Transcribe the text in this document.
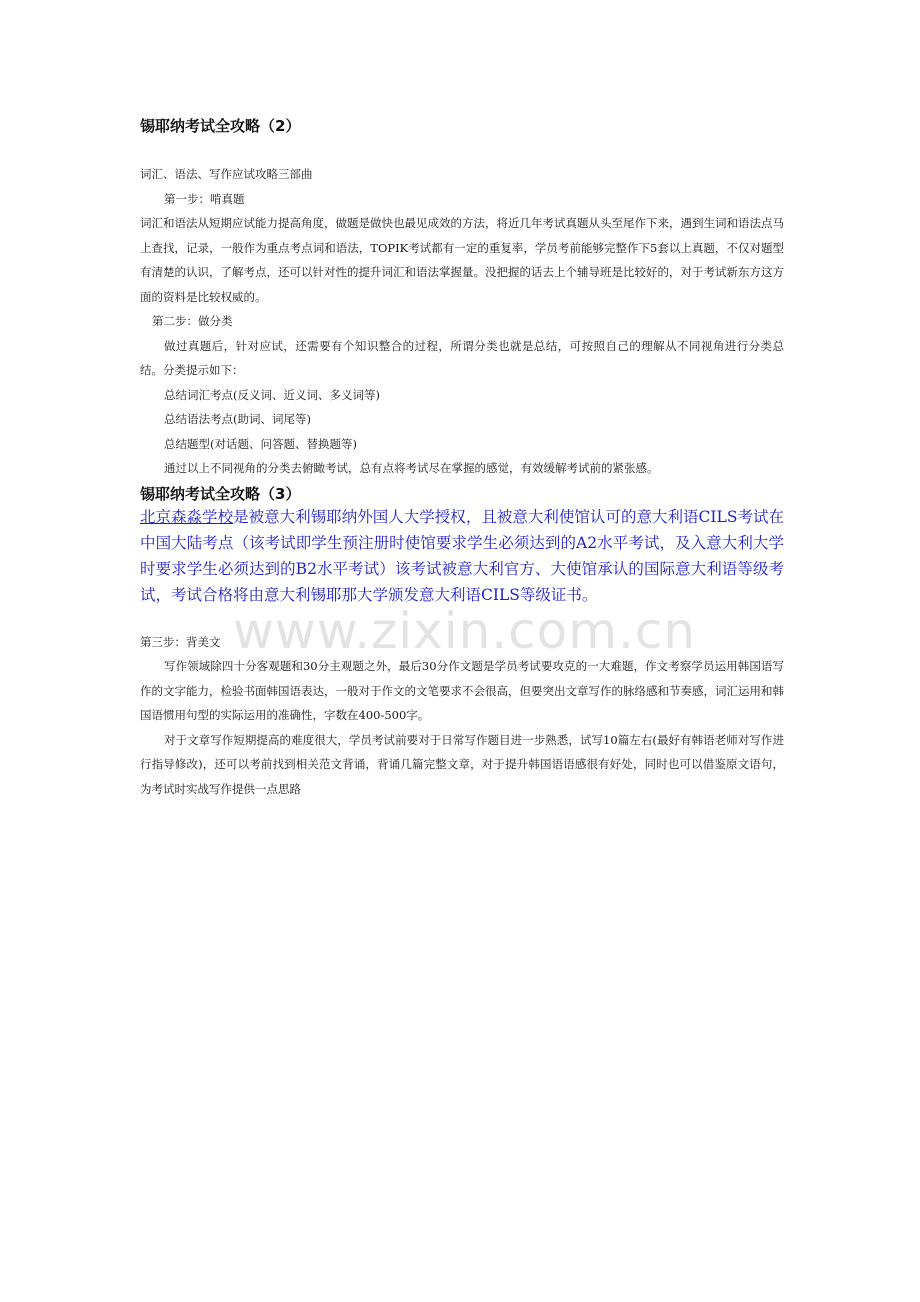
锡耶纳考试全攻略（2）

词汇、语法、写作应试攻略三部曲

第一步：啃真题

词汇和语法从短期应试能力提高角度，做题是做快也最见成效的方法，将近几年考试真题从头至尾作下来，遇到生词和语法点马上查找，记录，一般作为重点考点词和语法，TOPIK考试都有一定的重复率，学员考前能够完整作下5套以上真题，不仅对题型有清楚的认识，了解考点，还可以针对性的提升词汇和语法掌握量。没把握的话去上个辅导班是比较好的，对于考试新东方这方面的资料是比较权威的。

第二步：做分类

做过真题后，针对应试，还需要有个知识整合的过程，所谓分类也就是总结，可按照自己的理解从不同视角进行分类总结。分类提示如下：

总结词汇考点(反义词、近义词、多义词等)

总结语法考点(助词、词尾等)

总结题型(对话题、问答题、替换题等)

通过以上不同视角的分类去俯瞰考试，总有点将考试尽在掌握的感觉，有效缓解考试前的紧张感。

锡耶纳考试全攻略（3）

北京森淼学校是被意大利锡耶纳外国人大学授权，且被意大利使馆认可的意大利语CILS考试在中国大陆考点（该考试即学生预注册时使馆要求学生必须达到的A2水平考试，及入意大利大学时要求学生必须达到的B2水平考试）该考试被意大利官方、大使馆承认的国际意大利语等级考试，考试合格将由意大利锡耶那大学颁发意大利语CILS等级证书。

第三步：背美文

写作领域除四十分客观题和30分主观题之外，最后30分作文题是学员考试要攻克的一大难题，作文考察学员运用韩国语写作的文字能力，检验书面韩国语表达，一般对于作文的文笔要求不会很高，但要突出文章写作的脉络感和节奏感，词汇运用和韩国语惯用句型的实际运用的准确性，字数在400-500字。

对于文章写作短期提高的难度很大，学员考试前要对于日常写作题目进一步熟悉，试写10篇左右(最好有韩语老师对写作进行指导修改)，还可以考前找到相关范文背诵，背诵几篇完整文章，对于提升韩国语语感很有好处，同时也可以借鉴原文语句，为考试时实战写作提供一点思路

www.zixin.com.cn
